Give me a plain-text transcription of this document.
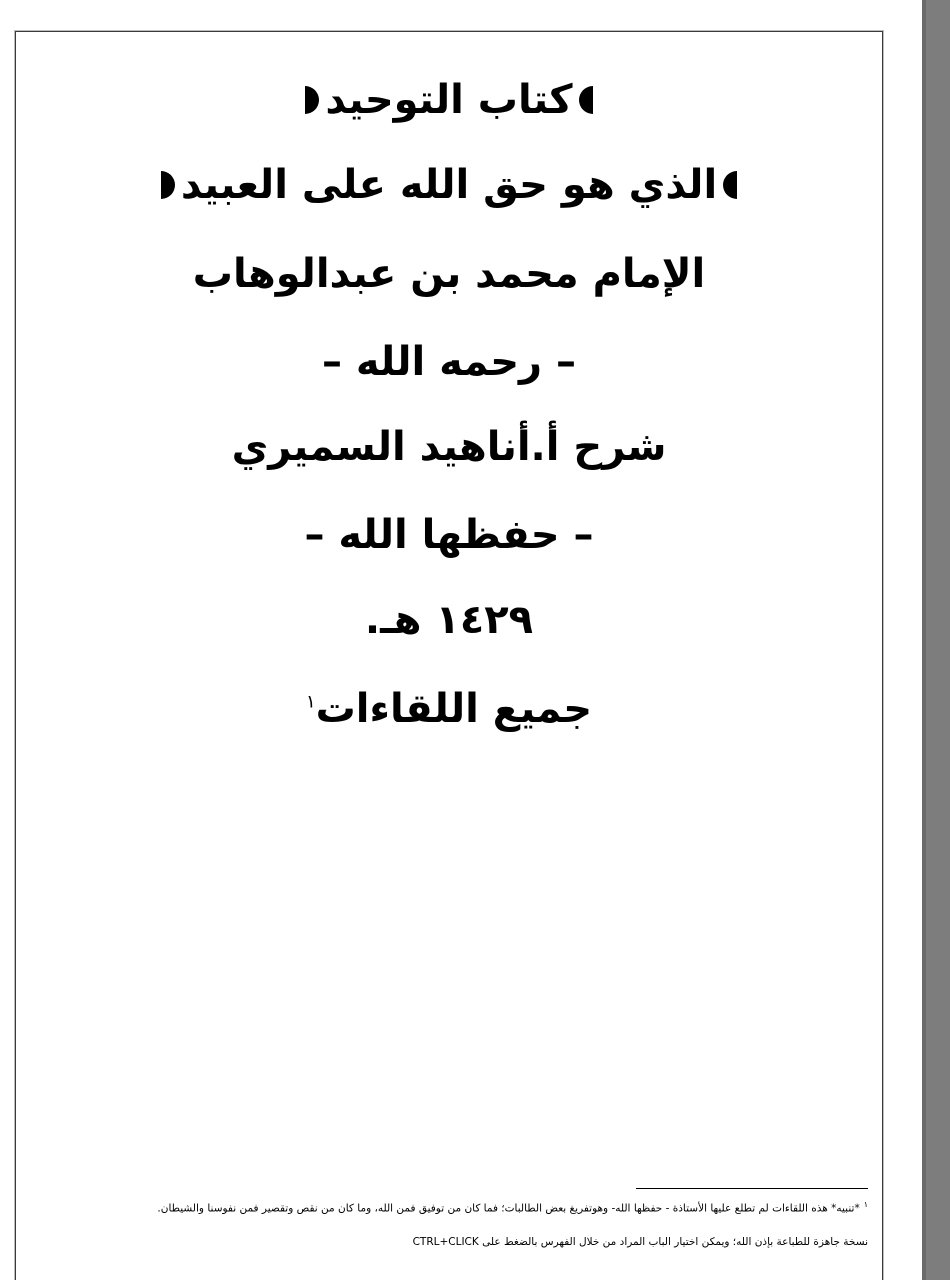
كتاب التوحيد
الذي هو حق الله على العبيد
الإمام محمد بن عبدالوهاب
– رحمه الله –
شرح أ.أناهيد السميري
– حفظها الله –
١٤٢٩ هـ.
جميع اللقاءات$^١$
$^١$*تنبيه* هذه اللقاءات لم تطلع عليها الأستاذة - حفظها الله- وهوتفريغ بعض الطالبات؛ فما كان من توفيق فمن الله، وما كان من نقص وتقصير فمن نفوسنا والشيطان.
نسخة جاهزة للطباعة بإذن الله؛ ويمكن اختيار الباب المراد من خلال الفهرس بالضغط على CTRL+CLICK
